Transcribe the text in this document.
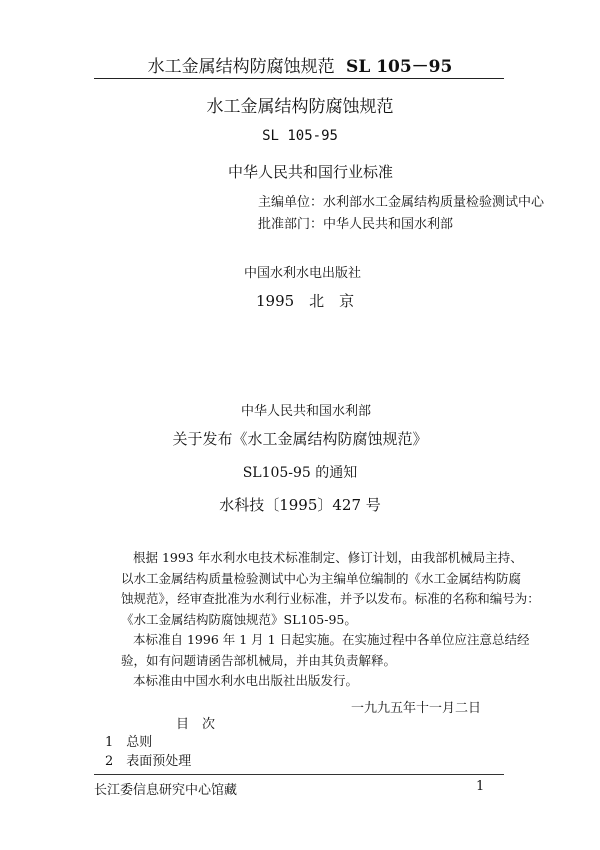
水工金属结构防腐蚀规范 SL 105－95
水工金属结构防腐蚀规范
SL 105-95
中华人民共和国行业标准
主编单位：水利部水工金属结构质量检验测试中心
批准部门：中华人民共和国水利部
中国水利水电出版社
1995　北　京
中华人民共和国水利部
关于发布《水工金属结构防腐蚀规范》
SL105-95 的通知
水科技〔1995〕427 号
根据 1993 年水利水电技术标准制定、修订计划，由我部机械局主持、
以水工金属结构质量检验测试中心为主编单位编制的《水工金属结构防腐
蚀规范》，经审查批准为水利行业标准，并予以发布。标准的名称和编号为：
《水工金属结构防腐蚀规范》SL105-95。
本标准自 1996 年 1 月 1 日起实施。在实施过程中各单位应注意总结经
验，如有问题请函告部机械局，并由其负责解释。
本标准由中国水利水电出版社出版发行。
一九九五年十一月二日
目　次
1　总则
2　表面预处理
长江委信息研究中心馆藏	1
